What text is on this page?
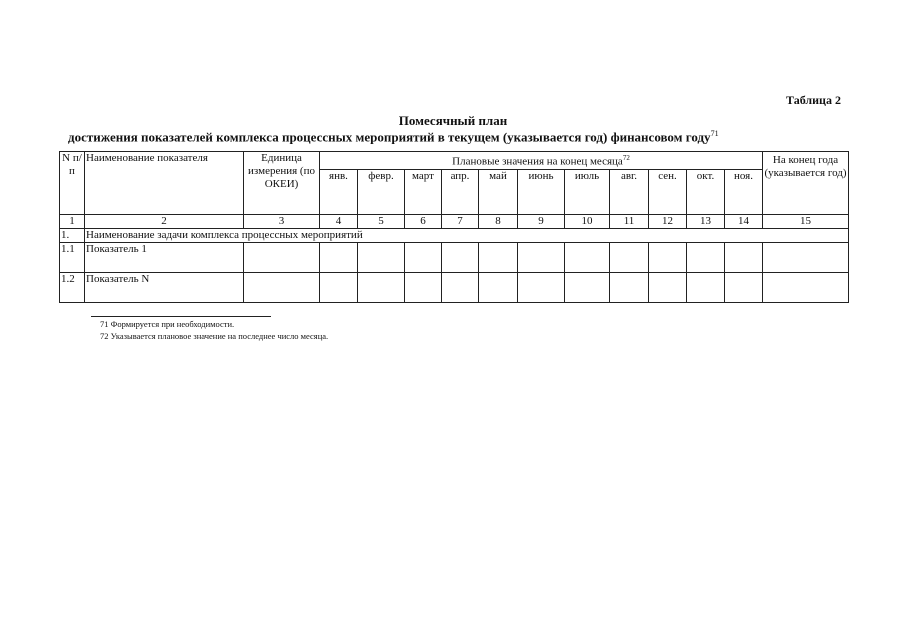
Таблица 2
Помесячный план
достижения показателей комплекса процессных мероприятий в текущем (указывается год) финансовом году$^{71}$
N п/п	Наименование показателя	Единица измерения (по ОКЕИ)	Плановые значения на конец месяца$^{72}$											На конец года (указывается год)
			янв.	февр.	март	апр.	май	июнь	июль	авг.	сен.	окт.	ноя.	
1	2	3	4	5	6	7	8	9	10	11	12	13	14	15
1.	Наименование задачи комплекса процессных мероприятий													
1.1	Показатель 1													
1.2	Показатель N													
71 Формируется при необходимости.
72 Указывается плановое значение на последнее число месяца.
